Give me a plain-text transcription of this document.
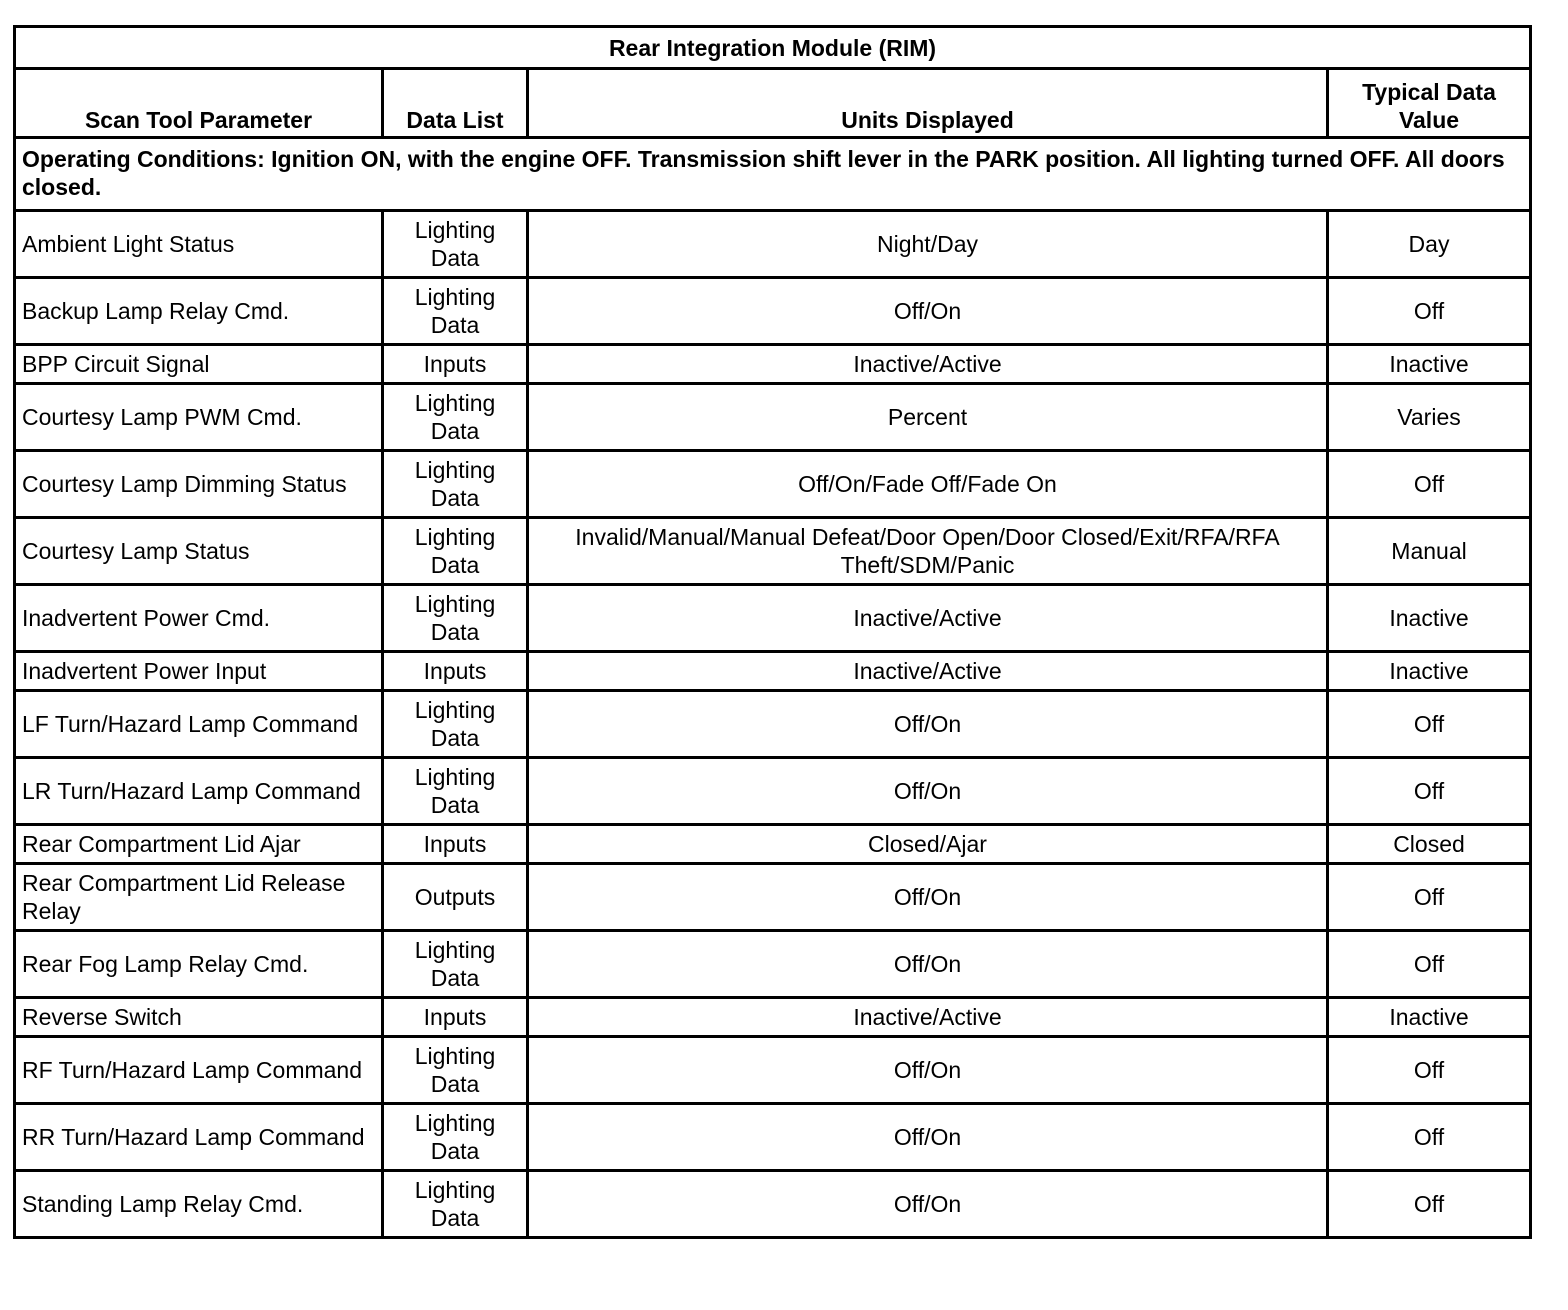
Rear Integration Module (RIM)			
Scan Tool Parameter	Data List	Units Displayed	Typical Data Value
Operating Conditions: Ignition ON, with the engine OFF. Transmission shift lever in the PARK position. All lighting turned OFF. All doors closed.			
Ambient Light Status	Lighting Data	Night/Day	Day
Backup Lamp Relay Cmd.	Lighting Data	Off/On	Off
BPP Circuit Signal	Inputs	Inactive/Active	Inactive
Courtesy Lamp PWM Cmd.	Lighting Data	Percent	Varies
Courtesy Lamp Dimming Status	Lighting Data	Off/On/Fade Off/Fade On	Off
Courtesy Lamp Status	Lighting Data	Invalid/Manual/Manual Defeat/Door Open/Door Closed/Exit/RFA/RFA Theft/SDM/Panic	Manual
Inadvertent Power Cmd.	Lighting Data	Inactive/Active	Inactive
Inadvertent Power Input	Inputs	Inactive/Active	Inactive
LF Turn/Hazard Lamp Command	Lighting Data	Off/On	Off
LR Turn/Hazard Lamp Command	Lighting Data	Off/On	Off
Rear Compartment Lid Ajar	Inputs	Closed/Ajar	Closed
Rear Compartment Lid Release Relay	Outputs	Off/On	Off
Rear Fog Lamp Relay Cmd.	Lighting Data	Off/On	Off
Reverse Switch	Inputs	Inactive/Active	Inactive
RF Turn/Hazard Lamp Command	Lighting Data	Off/On	Off
RR Turn/Hazard Lamp Command	Lighting Data	Off/On	Off
Standing Lamp Relay Cmd.	Lighting Data	Off/On	Off
